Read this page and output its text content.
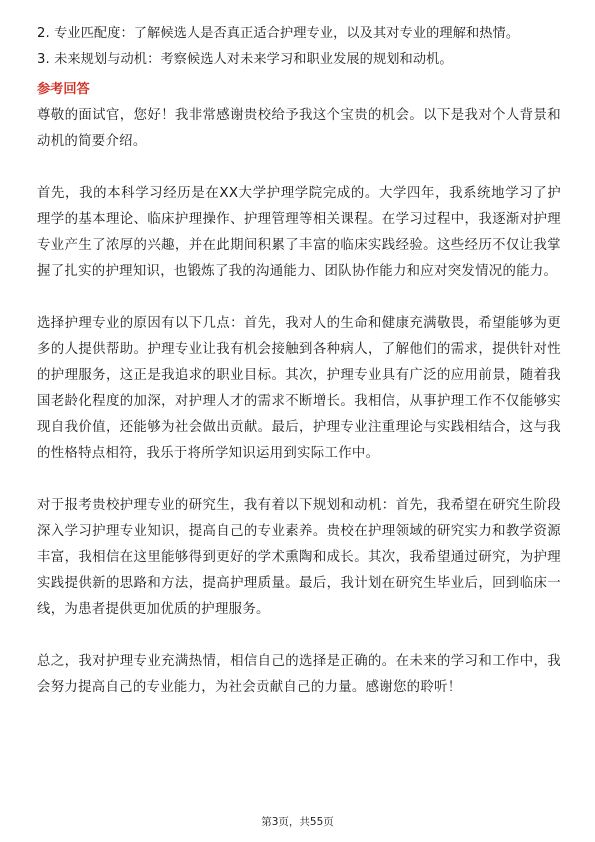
2. 专业匹配度：了解候选人是否真正适合护理专业，以及其对专业的理解和热情。
3. 未来规划与动机：考察候选人对未来学习和职业发展的规划和动机。
参考回答

尊敬的面试官，您好！我非常感谢贵校给予我这个宝贵的机会。以下是我对个人背景和动机的简要介绍。

首先，我的本科学习经历是在XX大学护理学院完成的。大学四年，我系统地学习了护理学的基本理论、临床护理操作、护理管理等相关课程。在学习过程中，我逐渐对护理专业产生了浓厚的兴趣，并在此期间积累了丰富的临床实践经验。这些经历不仅让我掌握了扎实的护理知识，也锻炼了我的沟通能力、团队协作能力和应对突发情况的能力。

选择护理专业的原因有以下几点：首先，我对人的生命和健康充满敬畏，希望能够为更多的人提供帮助。护理专业让我有机会接触到各种病人，了解他们的需求，提供针对性的护理服务，这正是我追求的职业目标。其次，护理专业具有广泛的应用前景，随着我国老龄化程度的加深，对护理人才的需求不断增长。我相信，从事护理工作不仅能够实现自我价值，还能够为社会做出贡献。最后，护理专业注重理论与实践相结合，这与我的性格特点相符，我乐于将所学知识运用到实际工作中。

对于报考贵校护理专业的研究生，我有着以下规划和动机：首先，我希望在研究生阶段深入学习护理专业知识，提高自己的专业素养。贵校在护理领域的研究实力和教学资源丰富，我相信在这里能够得到更好的学术熏陶和成长。其次，我希望通过研究，为护理实践提供新的思路和方法，提高护理质量。最后，我计划在研究生毕业后，回到临床一线，为患者提供更加优质的护理服务。

总之，我对护理专业充满热情，相信自己的选择是正确的。在未来的学习和工作中，我会努力提高自己的专业能力，为社会贡献自己的力量。感谢您的聆听！

第3页，共55页
